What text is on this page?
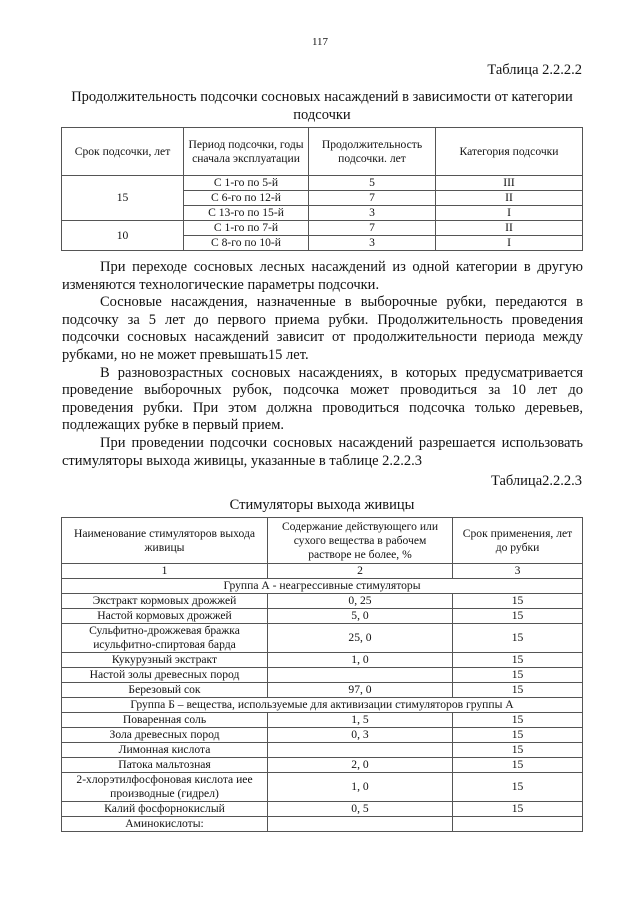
117
Таблица 2.2.2.2
Продолжительность подсочки сосновых насаждений в зависимости от категории подсочки
Срок подсочки, лет	Период подсочки, годы сначала эксплуатации	Продолжительность подсочки. лет	Категория подсочки
15	С 1-го по 5-й	5	III
	С 6-го по 12-й	7	II
	С 13-го по 15-й	3	I
10	С 1-го по 7-й	7	II
	С 8-го по 10-й	3	I

При переходе сосновых лесных насаждений из одной категории в другую изменяются технологические параметры подсочки.

Сосновые насаждения, назначенные в выборочные рубки, передаются в подсочку за 5 лет до первого приема рубки. Продолжительность проведения подсочки сосновых насаждений зависит от продолжительности периода между рубками, но не может превышать15 лет.

В разновозрастных сосновых насаждениях, в которых предусматривается проведение выборочных рубок, подсочка может проводиться за 10 лет до проведения рубки. При этом должна проводиться подсочка только деревьев, подлежащих рубке в первый прием.

При проведении подсочки сосновых насаждений разрешается использовать стимуляторы выхода живицы, указанные в таблице 2.2.2.3

Таблица2.2.2.3
Стимуляторы выхода живицы
Наименование стимуляторов выхода живицы	Содержание действующего или сухого вещества в рабочем растворе не более, %	Срок применения, лет до рубки
1	2	3
Группа А - неагрессивные стимуляторы		
Экстракт кормовых дрожжей	0, 25	15
Настой кормовых дрожжей	5, 0	15
Сульфитно-дрожжевая бражка исульфитно-спиртовая барда	25, 0	15
Кукурузный экстракт	1, 0	15
Настой золы древесных пород		15
Березовый сок	97, 0	15
Группа Б – вещества, используемые для активизации стимуляторов группы А		
Поваренная соль	1, 5	15
Зола древесных пород	0, 3	15
Лимонная кислота		15
Патока мальтозная	2, 0	15
2-хлорэтилфосфоновая кислота иее производные (гидрел)	1, 0	15
Калий фосфорнокислый	0, 5	15
Аминокислоты:		
